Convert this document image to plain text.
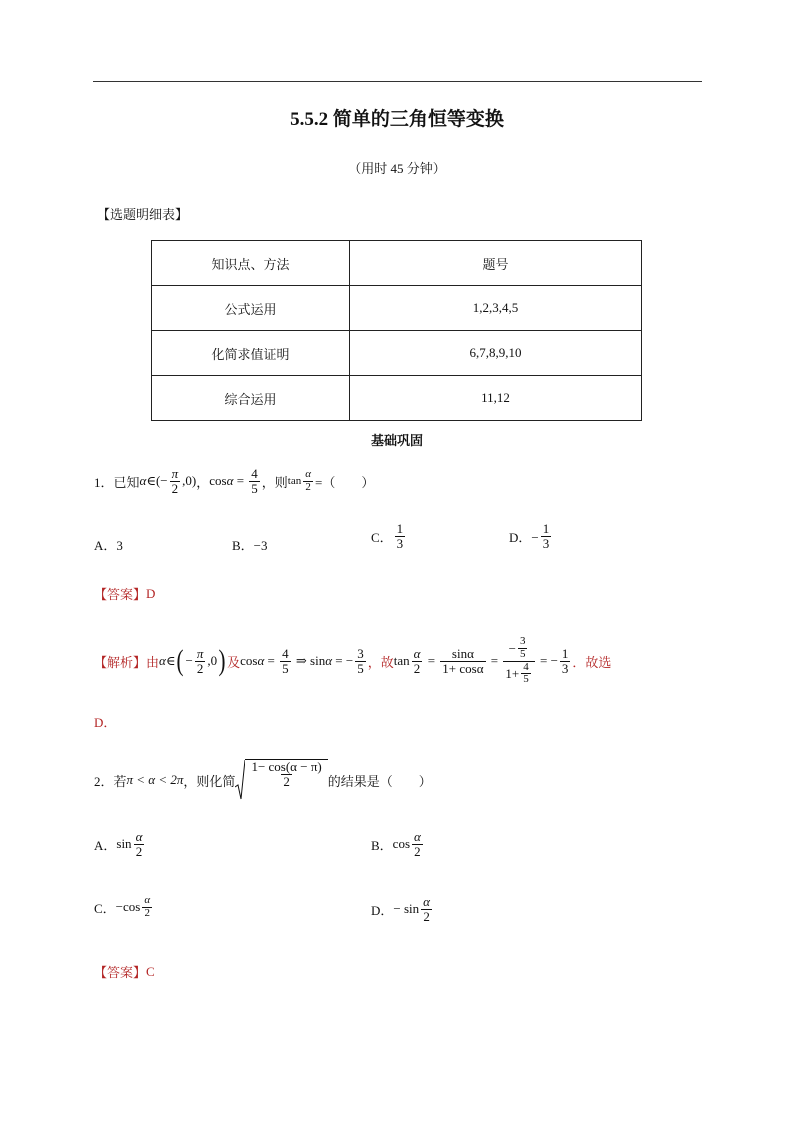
5.5.2 简单的三角恒等变换
（用时 45 分钟）
【选题明细表】
知识点、方法	题号
公式运用	1,2,3,4,5
化简求值证明	6,7,8,9,10
综合运用	11,12
基础巩固
1．已知 α ∈ (− $\frac{\pi}{2} ,0$) ， $\cos \alpha = \frac{4}{5}$ ，则 $\tan \frac{\alpha}{2}$ =（　　）
A．3	B．−3
C． $\frac{1}{3}$	D．− $\frac{1}{3}$
【答案】 D
【解析】 由 α ∈ ( − $\frac{\pi}{2} ,0$ ) 及 $\cos \alpha = \frac{4}{5}$ ⇒ sin α = − $\frac{3}{5}$ ，故 $\tan \frac{\alpha}{2} = \frac{\sin\alpha}{1+ \cos\alpha} = \frac{- \frac{3}{5}}{1+ \frac{4}{5}}$ = − $\frac{1}{3}$ ．故选
D．
2．若 π < α < 2π ，则化简 $\frac{1- \cos(\alpha - \pi)}{2}$ 的结果是（　　）
A． $\sin \frac{\alpha}{2}$	B． $\cos \frac{\alpha}{2}$
C． $-\cos \frac{\alpha}{2}$	D． − $\sin \frac{\alpha}{2}$
【答案】 C
